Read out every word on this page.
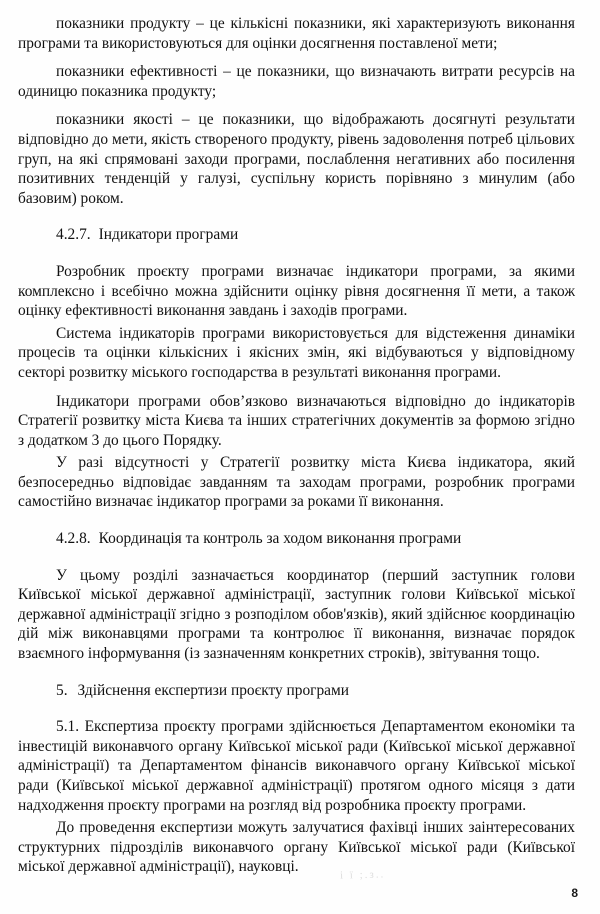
показники продукту – це кількісні показники, які характеризують виконання програми та використовуються для оцінки досягнення поставленої мети;

показники ефективності – це показники, що визначають витрати ресурсів на одиницю показника продукту;

показники якості – це показники, що відображають досягнуті результати відповідно до мети, якість створеного продукту, рівень задоволення потреб цільових груп, на які спрямовані заходи програми, послаблення негативних або посилення позитивних тенденцій у галузі, суспільну користь порівняно з минулим (або базовим) роком.

4.2.7. Індикатори програми

Розробник проєкту програми визначає індикатори програми, за якими комплексно і всебічно можна здійснити оцінку рівня досягнення її мети, а також оцінку ефективності виконання завдань і заходів програми.

Система індикаторів програми використовується для відстеження динаміки процесів та оцінки кількісних і якісних змін, які відбуваються у відповідному секторі розвитку міського господарства в результаті виконання програми.

Індикатори програми обов’язково визначаються відповідно до індикаторів Стратегії розвитку міста Києва та інших стратегічних документів за формою згідно з додатком 3 до цього Порядку.

У разі відсутності у Стратегії розвитку міста Києва індикатора, який безпосередньо відповідає завданням та заходам програми, розробник програми самостійно визначає індикатор програми за роками її виконання.

4.2.8. Координація та контроль за ходом виконання програми

У цьому розділі зазначається координатор (перший заступник голови Київської міської державної адміністрації, заступник голови Київської міської державної адміністрації згідно з розподілом обов'язків), який здійснює координацію дій між виконавцями програми та контролює її виконання, визначає порядок взаємного інформування (із зазначенням конкретних строків), звітування тощо.

5. Здійснення експертизи проєкту програми

5.1. Експертиза проєкту програми здійснюється Департаментом економіки та інвестицій виконавчого органу Київської міської ради (Київської міської державної адміністрації) та Департаментом фінансів виконавчого органу Київської міської ради (Київської міської державної адміністрації) протягом одного місяця з дати надходження проєкту програми на розгляд від розробника проєкту програми.

До проведення експертизи можуть залучатися фахівці інших заінтересованих структурних підрозділів виконавчого органу Київської міської ради (Київської міської державної адміністрації), науковці.	і ї ;.з..
8
